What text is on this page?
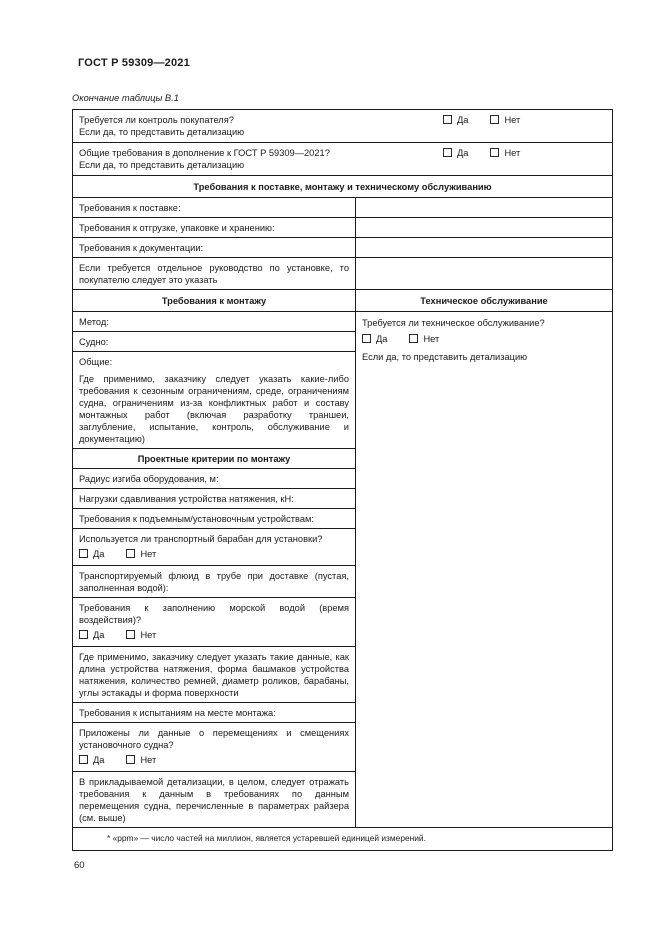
ГОСТ Р 59309—2021
Окончание таблицы В.1
Требуется ли контроль покупателя?
Если да, то представить детализацию
Да	Нет
Общие требования в дополнение к ГОСТ Р 59309—2021?
Если да, то представить детализацию
Да	Нет
Требования к поставке, монтажу и техническому обслуживанию
Требования к поставке:
Требования к отгрузке, упаковке и хранению:
Требования к документации:
Если требуется отдельное руководство по установке, то покупателю следует это указать
Требования к монтажу	Техническое обслуживание
Метод:
Судно:
Общие:
Где применимо, заказчику следует указать какие-либо требования к сезонным ограничениям, среде, ограничениям судна, ограничениям из-за конфликтных работ и составу монтажных работ (включая разработку траншеи, заглубление, испытание, контроль, обслуживание и документацию)
Проектные критерии по монтажу
Радиус изгиба оборудования, м:
Нагрузки сдавливания устройства натяжения, кН:
Требования к подъемным/установочным устройствам:
Используется ли транспортный барабан для установки?
Да	Нет
Транспортируемый флюид в трубе при доставке (пустая, заполненная водой):
Требования к заполнению морской водой (время воздействия)?
Да	Нет
Где применимо, заказчику следует указать такие данные, как длина устройства натяжения, форма башмаков устройства натяжения, количество ремней, диаметр роликов, барабаны, углы эстакады и форма поверхности
Требования к испытаниям на месте монтажа:
Приложены ли данные о перемещениях и смещениях установочного судна?
Да	Нет
В прикладываемой детализации, в целом, следует отражать требования к данным в требованиях по данным перемещения судна, перечисленные в параметрах райзера (см. выше)
Требуется ли техническое обслуживание?
Да	Нет
Если да, то представить детализацию
* «ppm» — число частей на миллион, является устаревшей единицей измерений.
60
